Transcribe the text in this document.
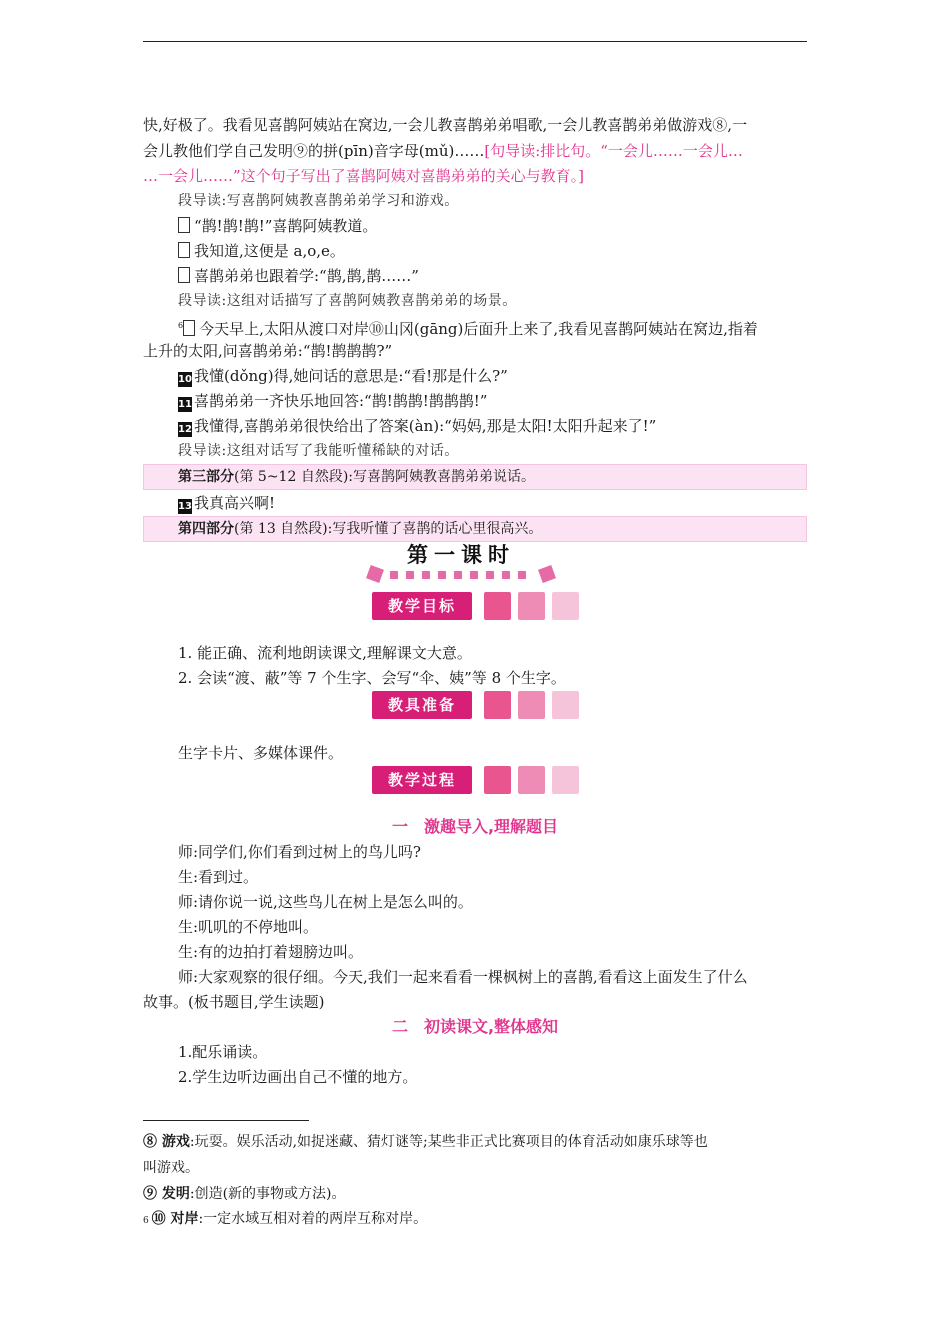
快,好极了。我看见喜鹊阿姨站在窝边,一会儿教喜鹊弟弟唱歌,一会儿教喜鹊弟弟做游戏⑧,一
会儿教他们学自己发明⑨的拼(pīn)音字母(mǔ)……[句导读:排比句。“一会儿……一会儿…
…一会儿……”这个句子写出了喜鹊阿姨对喜鹊弟弟的关心与教育。]
段导读:写喜鹊阿姨教喜鹊弟弟学习和游戏。
“鹊!鹊!鹊!”喜鹊阿姨教道。
我知道,这便是 a,o,e。
喜鹊弟弟也跟着学:“鹊,鹊,鹊……”
段导读:这组对话描写了喜鹊阿姨教喜鹊弟弟的场景。
$^6$ 今天早上,太阳从渡口对岸⑩山冈(gāng)后面升上来了,我看见喜鹊阿姨站在窝边,指着
上升的太阳,问喜鹊弟弟:“鹊!鹊鹊鹊?”
10 我懂(dǒng)得,她问话的意思是:“看!那是什么?”
11 喜鹊弟弟一齐快乐地回答:“鹊!鹊鹊!鹊鹊鹊!”
12 我懂得,喜鹊弟弟很快给出了答案(àn):“妈妈,那是太阳!太阳升起来了!”
段导读:这组对话写了我能听懂稀缺的对话。
第三部分(第 5~12 自然段):写喜鹊阿姨教喜鹊弟弟说话。
13 我真高兴啊!
第四部分(第 13 自然段):写我听懂了喜鹊的话心里很高兴。
第一课时
教学目标
1. 能正确、流利地朗读课文,理解课文大意。
2. 会读“渡、蔽”等 7 个生字、会写“伞、姨”等 8 个生字。
教具准备
生字卡片、多媒体课件。
教学过程
一　激趣导入,理解题目
师:同学们,你们看到过树上的鸟儿吗?
生:看到过。
师:请你说一说,这些鸟儿在树上是怎么叫的。
生:叽叽的不停地叫。
生:有的边拍打着翅膀边叫。
师:大家观察的很仔细。今天,我们一起来看看一棵枫树上的喜鹊,看看这上面发生了什么
故事。(板书题目,学生读题)
二　初读课文,整体感知
1.配乐诵读。
2.学生边听边画出自己不懂的地方。
⑧ 游戏:玩耍。娱乐活动,如捉迷藏、猜灯谜等;某些非正式比赛项目的体育活动如康乐球等也
叫游戏。
⑨ 发明:创造(新的事物或方法)。
6 ⑩ 对岸:一定水域互相对着的两岸互称对岸。
